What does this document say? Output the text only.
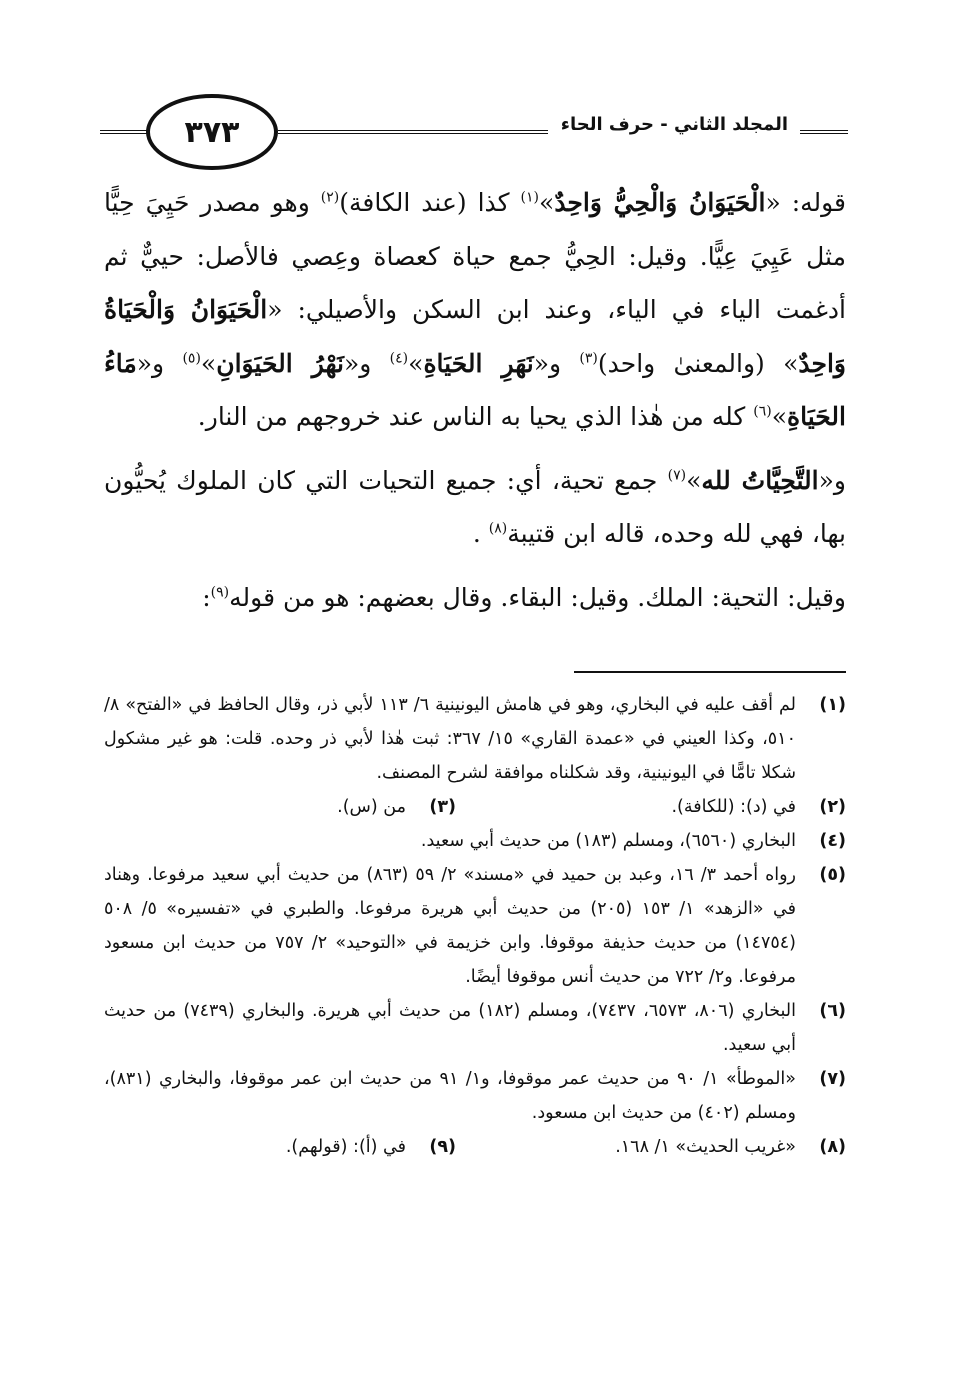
٣٧٣	المجلد الثاني - حرف الحاء

قوله: «الْحَيَوَانُ وَالْحِيُّ وَاحِدٌ»$^{(١)}$ كذا (عند الكافة)$^{(٢)}$ وهو مصدر حَيِيَ حِيًّا مثل عَيِيَ عِيًّا. وقيل: الحِيُّ جمع حياة كعصاة وعِصي فالأصل: حييٌّ ثم أدغمت الياء في الياء، وعند ابن السكن والأصيلي: «الْحَيَوَانُ وَالْحَيَاةُ وَاحِدٌ» (والمعنىٰ واحد)$^{(٣)}$ و«نَهَرِ الحَيَاةِ»$^{(٤)}$ و«نَهْرُ الحَيَوَانِ»$^{(٥)}$ و«مَاءُ الحَيَاةِ»$^{(٦)}$ كله من هٰذا الذي يحيا به الناس عند خروجهم من النار.

و«التَّحِيَّاتُ لله»$^{(٧)}$ جمع تحية، أي: جميع التحيات التي كان الملوك يُحيُّون بها، فهي لله وحده، قاله ابن قتيبة$^{(٨)}$ .

وقيل: التحية: الملك. وقيل: البقاء. وقال بعضهم: هو من قوله$^{(٩)}$:

(١)
لم أقف عليه في البخاري، وهو في هامش اليونينية ٦/ ١١٣ لأبي ذر، وقال الحافظ في «الفتح» ٨/ ٥١٠، وكذا العيني في «عمدة القاري» ١٥/ ٣٦٧: ثبت هٰذا لأبي ذر وحده. قلت: هو غير مشكول شكلا تامًّا في اليونينية، وقد شكلناه موافقة لشرح المصنف.
(٢)
في (د): (للكافة).
(٣)
من (س).
(٤)
البخاري (٦٥٦٠)، ومسلم (١٨٣) من حديث أبي سعيد.
(٥)
رواه أحمد ٣/ ١٦، وعبد بن حميد في «مسند» ٢/ ٥٩ (٨٦٣) من حديث أبي سعيد مرفوعا. وهناد في «الزهد» ١/ ١٥٣ (٢٠٥) من حديث أبي هريرة مرفوعا. والطبري في «تفسيره» ٥/ ٥٠٨ (١٤٧٥٤) من حديث حذيفة موقوفا. وابن خزيمة في «التوحيد» ٢/ ٧٥٧ من حديث ابن مسعود مرفوعا. و٢/ ٧٢٢ من حديث أنس موقوفا أيضًا.
(٦)
البخاري (٨٠٦، ٦٥٧٣، ٧٤٣٧)، ومسلم (١٨٢) من حديث أبي هريرة. والبخاري (٧٤٣٩) من حديث أبي سعيد.
(٧)
«الموطأ» ١/ ٩٠ من حديث عمر موقوفا، و١/ ٩١ من حديث ابن عمر موقوفا، والبخاري (٨٣١)، ومسلم (٤٠٢) من حديث ابن مسعود.
(٨)
«غريب الحديث» ١/ ١٦٨.
(٩)
في (أ): (قولهم).
